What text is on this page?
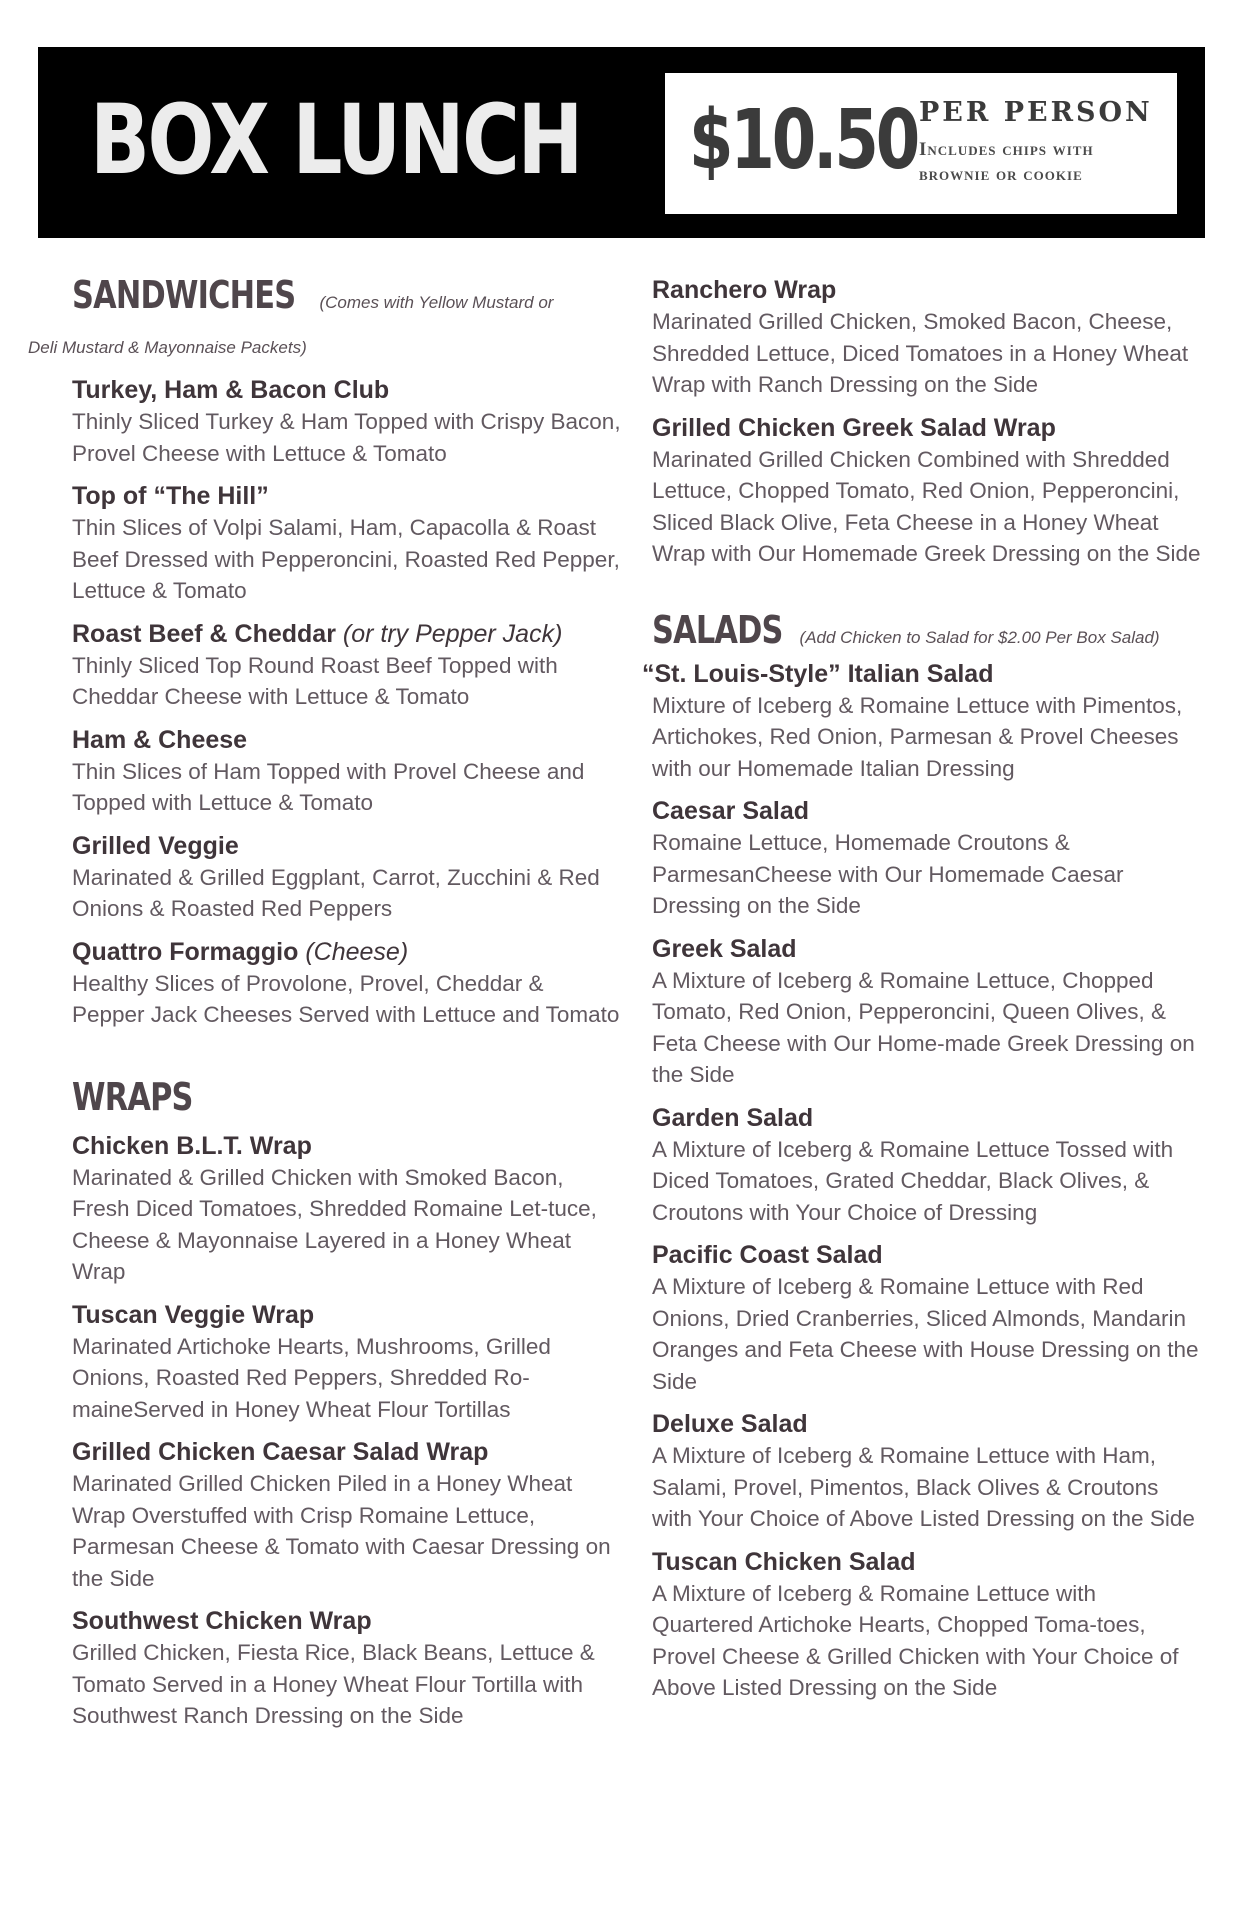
BOX LUNCH $10.50 PER PERSON
Includes chips with brownie or cookie
SANDWICHES (Comes with Yellow Mustard or Deli Mustard & Mayonnaise Packets)
Turkey, Ham & Bacon Club
Thinly Sliced Turkey & Ham Topped with Crispy Bacon, Provel Cheese with Lettuce & Tomato
Top of “The Hill”
Thin Slices of Volpi Salami, Ham, Capacolla & Roast Beef Dressed with Pepperoncini, Roasted Red Pepper, Lettuce & Tomato
Roast Beef & Cheddar (or try Pepper Jack)
Thinly Sliced Top Round Roast Beef Topped with Cheddar Cheese with Lettuce & Tomato
Ham & Cheese
Thin Slices of Ham Topped with Provel Cheese and Topped with Lettuce & Tomato
Grilled Veggie
Marinated & Grilled Eggplant, Carrot, Zucchini & Red Onions & Roasted Red Peppers
Quattro Formaggio (Cheese)
Healthy Slices of Provolone, Provel, Cheddar & Pepper Jack Cheeses Served with Lettuce and Tomato
WRAPS
Chicken B.L.T. Wrap
Marinated & Grilled Chicken with Smoked Bacon, Fresh Diced Tomatoes, Shredded Romaine Let-tuce, Cheese & Mayonnaise Layered in a Honey Wheat Wrap
Tuscan Veggie Wrap
Marinated Artichoke Hearts, Mushrooms, Grilled Onions, Roasted Red Peppers, Shredded Ro-maineServed in Honey Wheat Flour Tortillas
Grilled Chicken Caesar Salad Wrap
Marinated Grilled Chicken Piled in a Honey Wheat Wrap Overstuffed with Crisp Romaine Lettuce, Parmesan Cheese & Tomato with Caesar Dressing on the Side
Southwest Chicken Wrap
Grilled Chicken, Fiesta Rice, Black Beans, Lettuce & Tomato Served in a Honey Wheat Flour Tortilla with Southwest Ranch Dressing on the Side
Ranchero Wrap
Marinated Grilled Chicken, Smoked Bacon, Cheese, Shredded Lettuce, Diced Tomatoes in a Honey Wheat Wrap with Ranch Dressing on the Side
Grilled Chicken Greek Salad Wrap
Marinated Grilled Chicken Combined with Shredded Lettuce, Chopped Tomato, Red Onion, Pepperoncini, Sliced Black Olive, Feta Cheese in a Honey Wheat Wrap with Our Homemade Greek Dressing on the Side
SALADS (Add Chicken to Salad for $2.00 Per Box Salad)
“St. Louis-Style” Italian Salad
Mixture of Iceberg & Romaine Lettuce with Pimentos, Artichokes, Red Onion, Parmesan & Provel Cheeses with our Homemade Italian Dressing
Caesar Salad
Romaine Lettuce, Homemade Croutons & ParmesanCheese with Our Homemade Caesar Dressing on the Side
Greek Salad
A Mixture of Iceberg & Romaine Lettuce, Chopped Tomato, Red Onion, Pepperoncini, Queen Olives, & Feta Cheese with Our Home-made Greek Dressing on the Side
Garden Salad
A Mixture of Iceberg & Romaine Lettuce Tossed with Diced Tomatoes, Grated Cheddar, Black Olives, & Croutons with Your Choice of Dressing
Pacific Coast Salad
A Mixture of Iceberg & Romaine Lettuce with Red Onions, Dried Cranberries, Sliced Almonds, Mandarin Oranges and Feta Cheese with House Dressing on the Side
Deluxe Salad
A Mixture of Iceberg & Romaine Lettuce with Ham, Salami, Provel, Pimentos, Black Olives & Croutons with Your Choice of Above Listed Dressing on the Side
Tuscan Chicken Salad
A Mixture of Iceberg & Romaine Lettuce with Quartered Artichoke Hearts, Chopped Toma-toes, Provel Cheese & Grilled Chicken with Your Choice of Above Listed Dressing on the Side
